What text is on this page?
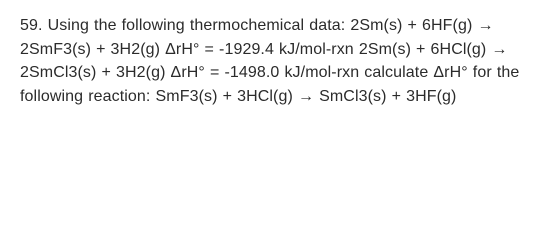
59. Using the following thermochemical data: 2Sm(s) + 6HF(g) → 2SmF3(s) + 3H2(g) ΔrH° = -1929.4 kJ/mol-rxn 2Sm(s) + 6HCl(g) → 2SmCl3(s) + 3H2(g) ΔrH° = -1498.0 kJ/mol-rxn calculate ΔrH° for the following reaction: SmF3(s) + 3HCl(g) → SmCl3(s) + 3HF(g)
